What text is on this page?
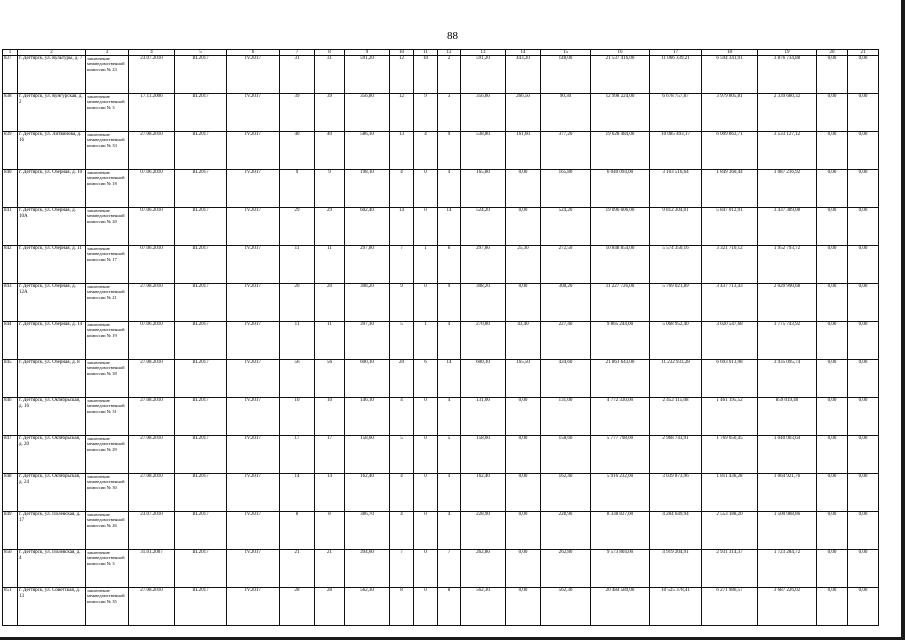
88
1	2	3	4	5	6	7	8	9	10	11	12	13	14	15	16	17	18	19	20	21
837	г. Дегтярск, ул. Культуры, д. 7	заключение межведомственной комиссии № 23	23.07.2010	III.2017	IV.2017	31	31	591,20	12	10	2	591,20	443,20	148,00	21 537 416,00	11 066 339,21	6 594 341,91	3 876 734,88	0,00	0,00
838	г. Дегтярск, ул. Кунгурская, д. 2	заключение межведомственной комиссии № 3	17.11.2006	III.2017	IV.2017	39	39	356,80	12	9	3	356,80	266,50	90,30	12 998 224,00	6 678 757,87	3 979 805,81	2 339 680,32	0,00	0,00
839	г. Дегтярск, ул. Литвинова, д. 16	заключение межведомственной комиссии № 33	27.08.2010	III.2017	IV.2017	40	40	586,10	13	4	9	538,80	161,60	377,20	19 628 484,00	10 085 493,17	6 009 863,71	3 533 127,12	0,00	0,00
840	г. Дегтярск, ул. Озерная, д. 10	заключение межведомственной комиссии № 18	07.06.2010	III.2017	IV.2017	9	9	198,10	4	0	4	165,80	0,00	165,80	6 040 094,00	3 103 516,64	1 849 360,44	1 087 216,92	0,00	0,00
841	г. Дегтярск, ул. Озерная, д. 10А	заключение межведомственной комиссии № 20	07.06.2010	III.2017	IV.2017	29	29	602,40	14	0	14	524,20	0,00	524,20	19 096 606,00	9 812 204,01	5 847 012,91	3 437 389,08	0,00	0,00
842	г. Дегтярск, ул. Озерная, д. 11	заключение межведомственной комиссии № 17	07.06.2010	III.2017	IV.2017	11	11	297,80	7	1	6	297,80	25,30	272,50	10 848 854,00	5 574 350,16	3 321 710,12	1 952 793,72	0,00	0,00
843	г. Дегтярск, ул. Озерная, д. 12А	заключение межведомственной комиссии № 21	27.08.2010	III.2017	IV.2017	20	20	308,20	9	0	9	308,20	0,00	308,20	11 227 726,00	5 769 021,89	3 437 713,43	2 020 990,68	0,00	0,00
844	г. Дегтярск, ул. Озерная, д. 14	заключение межведомственной комиссии № 19	07.06.2010	III.2017	IV.2017	11	11	397,30	5	1	4	270,80	43,40	227,40	9 865 244,00	5 068 952,40	3 020 547,68	1 775 743,92	0,00	0,00
845	г. Дегтярск, ул. Озерная, д. 8	заключение межведомственной комиссии № 39	27.08.2010	III.2017	IV.2017	56	56	600,10	20	6	14	600,10	165,50	434,60	21 861 643,00	11 232 933,28	6 693 613,98	3 935 095,74	0,00	0,00
846	г. Дегтярск, ул. Октябрьская, д. 16	заключение межведомственной комиссии № 31	27.08.2010	III.2017	IV.2017	10	10	146,10	4	0	4	131,00	0,00	131,00	4 772 330,00	2 452 115,08	1 461 195,52	859 019,40	0,00	0,00
847	г. Дегтярск, ул. Октябрьская, д. 20	заключение межведомственной комиссии № 29	27.08.2010	III.2017	IV.2017	17	17	158,60	5	0	5	158,60	0,00	158,60	5 777 798,00	2 968 743,91	1 769 050,45	1 040 003,64	0,00	0,00
848	г. Дегтярск, ул. Октябрьская, д. 24	заключение межведомственной комиссии № 30	27.08.2010	III.2017	IV.2017	14	14	162,40	4	0	4	162,40	0,00	162,40	5 916 232,00	3 039 873,96	1 811 436,28	1 064 921,76	0,00	0,00
849	г. Дегтярск, ул. Полевская, д. 17	заключение межведомственной комиссии № 26	23.07.2010	III.2017	IV.2017	8	8	386,70	4	0	4	228,90	0,00	228,90	8 338 827,00	4 284 649,94	2 553 188,20	1 500 988,86	0,00	0,00
850	г. Дегтярск, ул. Полевская, д. 4	заключение межведомственной комиссии № 3	31.01.2007	III.2017	IV.2017	21	21	394,60	7	0	7	262,80	0,00	262,80	9 573 804,00	4 919 204,91	2 931 314,37	1 723 284,72	0,00	0,00
851	г. Дегтярск, ул. Советская, д. 13	заключение межведомственной комиссии № 35	27.08.2010	III.2017	IV.2017	28	28	562,30	8	0	8	562,30	0,00	562,30	20 484 589,00	10 525 378,41	6 271 986,57	3 687 226,02	0,00	0,00
